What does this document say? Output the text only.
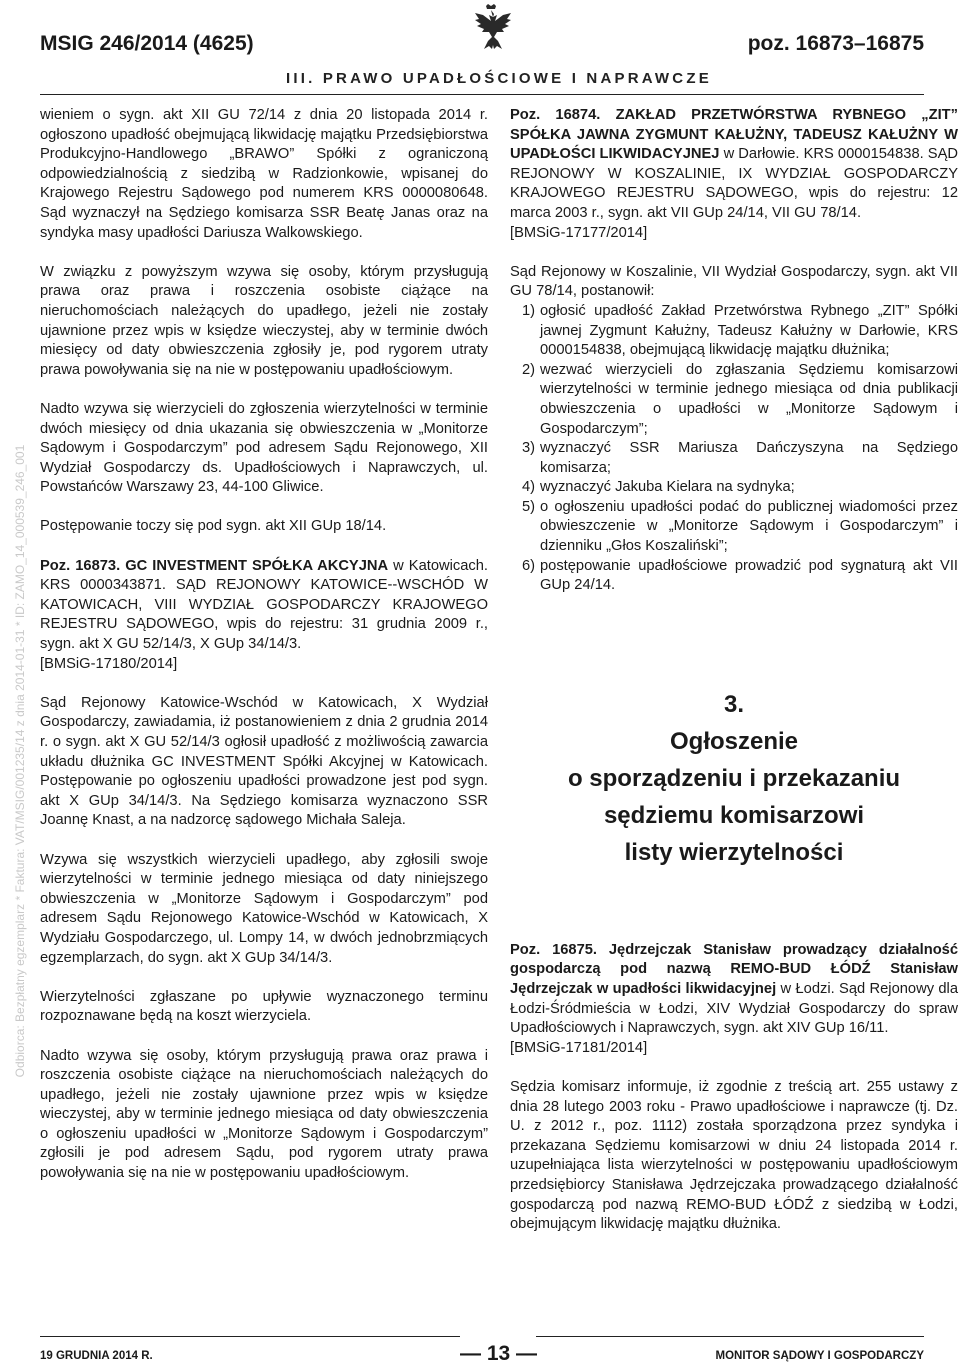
MSIG 246/2014 (4625)	poz. 16873–16875
III. PRAWO UPADŁOŚCIOWE I NAPRAWCZE
Odbiorca: Bezpłatny egzemplarz * Faktura: VAT/MSIG/001235/14 z dnia 2014-01-31 * ID: ZAMO_14_000539_246_001

wieniem o sygn. akt XII GU 72/14 z dnia 20 listopada 2014 r. ogłoszono upadłość obejmującą likwidację majątku Przedsiębiorstwa Produkcyjno-Handlowego „BRAWO” Spółki z ograniczoną odpowiedzialnością z siedzibą w Radzionkowie, wpisanej do Krajowego Rejestru Sądowego pod numerem KRS 0000080648. Sąd wyznaczył na Sędziego komisarza SSR Beatę Janas oraz na syndyka masy upadłości Dariusza Walkowskiego.

W związku z powyższym wzywa się osoby, którym przysługują prawa oraz prawa i roszczenia osobiste ciążące na nieruchomościach należących do upadłego, jeżeli nie zostały ujawnione przez wpis w księdze wieczystej, aby w terminie dwóch miesięcy od daty obwieszczenia zgłosiły je, pod rygorem utraty prawa powoływania się na nie w postępowaniu upadłościowym.

Nadto wzywa się wierzycieli do zgłoszenia wierzytelności w terminie dwóch miesięcy od dnia ukazania się obwieszczenia w „Monitorze Sądowym i Gospodarczym” pod adresem Sądu Rejonowego, XII Wydział Gospodarczy ds. Upadłościowych i Naprawczych, ul. Powstańców Warszawy 23, 44-100 Gliwice.

Postępowanie toczy się pod sygn. akt XII GUp 18/14.

Poz. 16873. GC INVESTMENT SPÓŁKA AKCYJNA w Katowicach. KRS 0000343871. SĄD REJONOWY KATOWICE--WSCHÓD W KATOWICACH, VIII WYDZIAŁ GOSPODARCZY KRAJOWEGO REJESTRU SĄDOWEGO, wpis do rejestru: 31 grudnia 2009 r., sygn. akt X GU 52/14/3, X GUp 34/14/3.

[BMSiG-17180/2014]

Sąd Rejonowy Katowice-Wschód w Katowicach, X Wydział Gospodarczy, zawiadamia, iż postanowieniem z dnia 2 grudnia 2014 r. o sygn. akt X GU 52/14/3 ogłosił upadłość z możliwością zawarcia układu dłużnika GC INVESTMENT Spółki Akcyjnej w Katowicach. Postępowanie po ogłoszeniu upadłości prowadzone jest pod sygn. akt X GUp 34/14/3. Na Sędziego komisarza wyznaczono SSR Joannę Knast, a na nadzorcę sądowego Michała Saleja.

Wzywa się wszystkich wierzycieli upadłego, aby zgłosili swoje wierzytelności w terminie jednego miesiąca od daty niniejszego obwieszczenia w „Monitorze Sądowym i Gospodarczym” pod adresem Sądu Rejonowego Katowice-Wschód w Katowicach, X Wydziału Gospodarczego, ul. Lompy 14, w dwóch jednobrzmiących egzemplarzach, do sygn. akt X GUp 34/14/3.

Wierzytelności zgłaszane po upływie wyznaczonego terminu rozpoznawane będą na koszt wierzyciela.

Nadto wzywa się osoby, którym przysługują prawa oraz prawa i roszczenia osobiste ciążące na nieruchomościach należących do upadłego, jeżeli nie zostały ujawnione przez wpis w księdze wieczystej, aby w terminie jednego miesiąca od daty obwieszczenia o ogłoszeniu upadłości w „Monitorze Sądowym i Gospodarczym” zgłosili je pod adresem Sądu, pod rygorem utraty prawa powoływania się na nie w postępowaniu upadłościowym.

Poz. 16874. ZAKŁAD PRZETWÓRSTWA RYBNEGO „ZIT” SPÓŁKA JAWNA ZYGMUNT KAŁUŻNY, TADEUSZ KAŁUŻNY W UPADŁOŚCI LIKWIDACYJNEJ w Darłowie. KRS 0000154838. SĄD REJONOWY W KOSZALINIE, IX WYDZIAŁ GOSPODARCZY KRAJOWEGO REJESTRU SĄDOWEGO, wpis do rejestru: 12 marca 2003 r., sygn. akt VII GUp 24/14, VII GU 78/14.

[BMSiG-17177/2014]

Sąd Rejonowy w Koszalinie, VII Wydział Gospodarczy, sygn. akt VII GU 78/14, postanowił:

1) ogłosić upadłość Zakład Przetwórstwa Rybnego „ZIT” Spółki jawnej Zygmunt Kałużny, Tadeusz Kałużny w Darłowie, KRS 0000154838, obejmującą likwidację majątku dłużnika;
2) wezwać wierzycieli do zgłaszania Sędziemu komisarzowi wierzytelności w terminie jednego miesiąca od dnia publikacji obwieszczenia o upadłości w „Monitorze Sądowym i Gospodarczym”;
3) wyznaczyć SSR Mariusza Dańczyszyna na Sędziego komisarza;
4) wyznaczyć Jakuba Kielara na sydnyka;
5) o ogłoszeniu upadłości podać do publicznej wiadomości przez obwieszczenie w „Monitorze Sądowym i Gospodarczym” i dzienniku „Głos Koszaliński”;
6) postępowanie upadłościowe prowadzić pod sygnaturą akt VII GUp 24/14.
3.
Ogłoszenie
o sporządzeniu i przekazaniu
sędziemu komisarzowi
listy wierzytelności

Poz. 16875. Jędrzejczak Stanisław prowadzący działalność gospodarczą pod nazwą REMO-BUD ŁÓDŹ Stanisław Jędrzejczak w upadłości likwidacyjnej w Łodzi. Sąd Rejonowy dla Łodzi-Śródmieścia w Łodzi, XIV Wydział Gospodarczy do spraw Upadłościowych i Naprawczych, sygn. akt XIV GUp 16/11.

[BMSiG-17181/2014]

Sędzia komisarz informuje, iż zgodnie z treścią art. 255 ustawy z dnia 28 lutego 2003 roku - Prawo upadłościowe i naprawcze (tj. Dz. U. z 2012 r., poz. 1112) została sporządzona przez syndyka i przekazana Sędziemu komisarzowi w dniu 24 listopada 2014 r. uzupełniająca lista wierzytelności w postępowaniu upadłościowym przedsiębiorcy Stanisława Jędrzejczaka prowadzącego działalność gospodarczą pod nazwą REMO-BUD ŁÓDŹ z siedzibą w Łodzi, obejmującym likwidację majątku dłużnika.

19 GRUDNIA 2014 R.	— 13 —	MONITOR SĄDOWY I GOSPODARCZY
